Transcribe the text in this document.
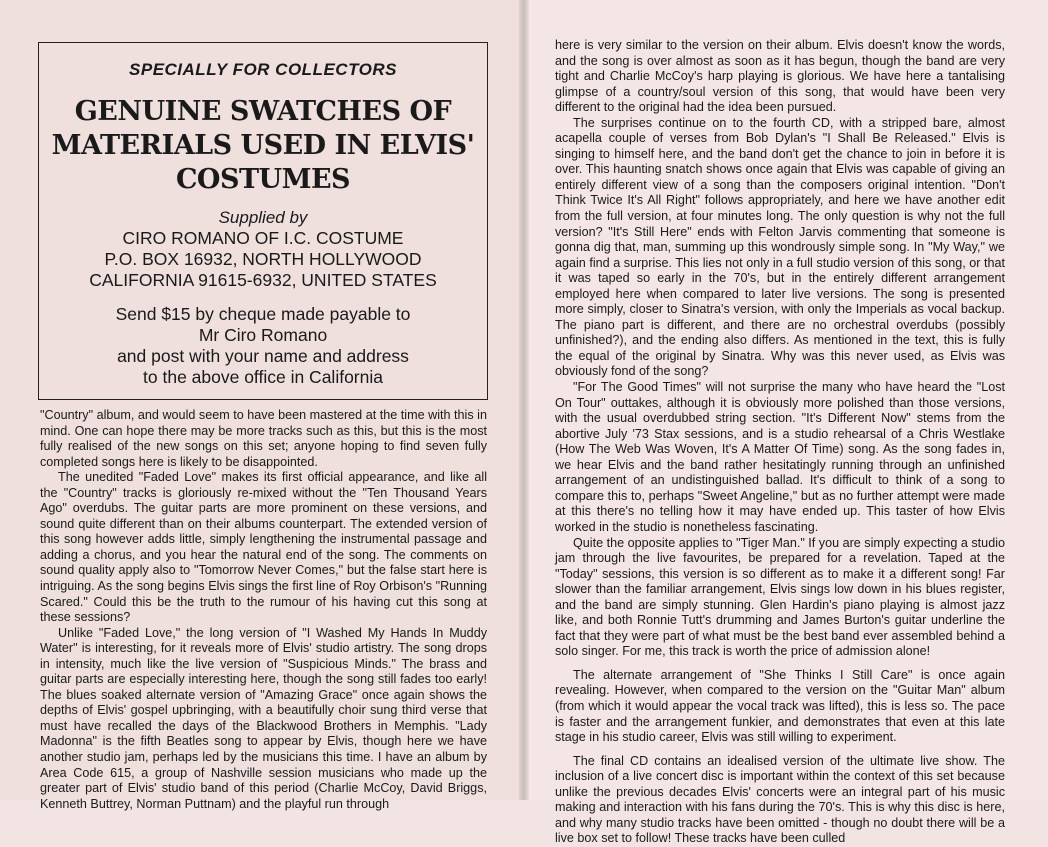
SPECIALLY FOR COLLECTORS
GENUINE SWATCHES OF MATERIALS USED IN ELVIS' COSTUMES
Supplied by
CIRO ROMANO OF I.C. COSTUME
P.O. BOX 16932, NORTH HOLLYWOOD
CALIFORNIA 91615-6932, UNITED STATES
Send $15 by cheque made payable to
Mr Ciro Romano
and post with your name and address
to the above office in California

"Country" album, and would seem to have been mastered at the time with this in mind. One can hope there may be more tracks such as this, but this is the most fully realised of the new songs on this set; anyone hoping to find seven fully completed songs here is likely to be disappointed.

The unedited "Faded Love" makes its first official appearance, and like all the "Country" tracks is gloriously re-mixed without the "Ten Thousand Years Ago" overdubs. The guitar parts are more prominent on these versions, and sound quite different than on their albums counterpart. The extended version of this song however adds little, simply lengthening the instrumental passage and adding a chorus, and you hear the natural end of the song. The comments on sound quality apply also to "Tomorrow Never Comes," but the false start here is intriguing. As the song begins Elvis sings the first line of Roy Orbison's "Running Scared." Could this be the truth to the rumour of his having cut this song at these sessions?

Unlike "Faded Love," the long version of "I Washed My Hands In Muddy Water" is interesting, for it reveals more of Elvis' studio artistry. The song drops in intensity, much like the live version of "Suspicious Minds." The brass and guitar parts are especially interesting here, though the song still fades too early! The blues soaked alternate version of "Amazing Grace" once again shows the depths of Elvis' gospel upbringing, with a beautifully choir sung third verse that must have recalled the days of the Blackwood Brothers in Memphis. "Lady Madonna" is the fifth Beatles song to appear by Elvis, though here we have another studio jam, perhaps led by the musicians this time. I have an album by Area Code 615, a group of Nashville session musicians who made up the greater part of Elvis' studio band of this period (Charlie McCoy, David Briggs, Kenneth Buttrey, Norman Puttnam) and the playful run through

here is very similar to the version on their album. Elvis doesn't know the words, and the song is over almost as soon as it has begun, though the band are very tight and Charlie McCoy's harp playing is glorious. We have here a tantalising glimpse of a country/soul version of this song, that would have been very different to the original had the idea been pursued.

The surprises continue on to the fourth CD, with a stripped bare, almost acapella couple of verses from Bob Dylan's "I Shall Be Released." Elvis is singing to himself here, and the band don't get the chance to join in before it is over. This haunting snatch shows once again that Elvis was capable of giving an entirely different view of a song than the composers original intention. "Don't Think Twice It's All Right" follows appropriately, and here we have another edit from the full version, at four minutes long. The only question is why not the full version? "It's Still Here" ends with Felton Jarvis commenting that someone is gonna dig that, man, summing up this wondrously simple song. In "My Way," we again find a surprise. This lies not only in a full studio version of this song, or that it was taped so early in the 70's, but in the entirely different arrangement employed here when compared to later live versions. The song is presented more simply, closer to Sinatra's version, with only the Imperials as vocal backup. The piano part is different, and there are no orchestral overdubs (possibly unfinished?), and the ending also differs. As mentioned in the text, this is fully the equal of the original by Sinatra. Why was this never used, as Elvis was obviously fond of the song?

"For The Good Times" will not surprise the many who have heard the "Lost On Tour" outtakes, although it is obviously more polished than those versions, with the usual overdubbed string section. "It's Different Now" stems from the abortive July '73 Stax sessions, and is a studio rehearsal of a Chris Westlake (How The Web Was Woven, It's A Matter Of Time) song. As the song fades in, we hear Elvis and the band rather hesitatingly running through an unfinished arrangement of an undistinguished ballad. It's difficult to think of a song to compare this to, perhaps "Sweet Angeline," but as no further attempt were made at this there's no telling how it may have ended up. This taster of how Elvis worked in the studio is nonetheless fascinating.

Quite the opposite applies to "Tiger Man." If you are simply expecting a studio jam through the live favourites, be prepared for a revelation. Taped at the "Today" sessions, this version is so different as to make it a different song! Far slower than the familiar arrangement, Elvis sings low down in his blues register, and the band are simply stunning. Glen Hardin's piano playing is almost jazz like, and both Ronnie Tutt's drumming and James Burton's guitar underline the fact that they were part of what must be the best band ever assembled behind a solo singer. For me, this track is worth the price of admission alone!

The alternate arrangement of "She Thinks I Still Care" is once again revealing. However, when compared to the version on the "Guitar Man" album (from which it would appear the vocal track was lifted), this is less so. The pace is faster and the arrangement funkier, and demonstrates that even at this late stage in his studio career, Elvis was still willing to experiment.

The final CD contains an idealised version of the ultimate live show. The inclusion of a live concert disc is important within the context of this set because unlike the previous decades Elvis' concerts were an integral part of his music making and interaction with his fans during the 70's. This is why this disc is here, and why many studio tracks have been omitted - though no doubt there will be a live box set to follow! These tracks have been culled
